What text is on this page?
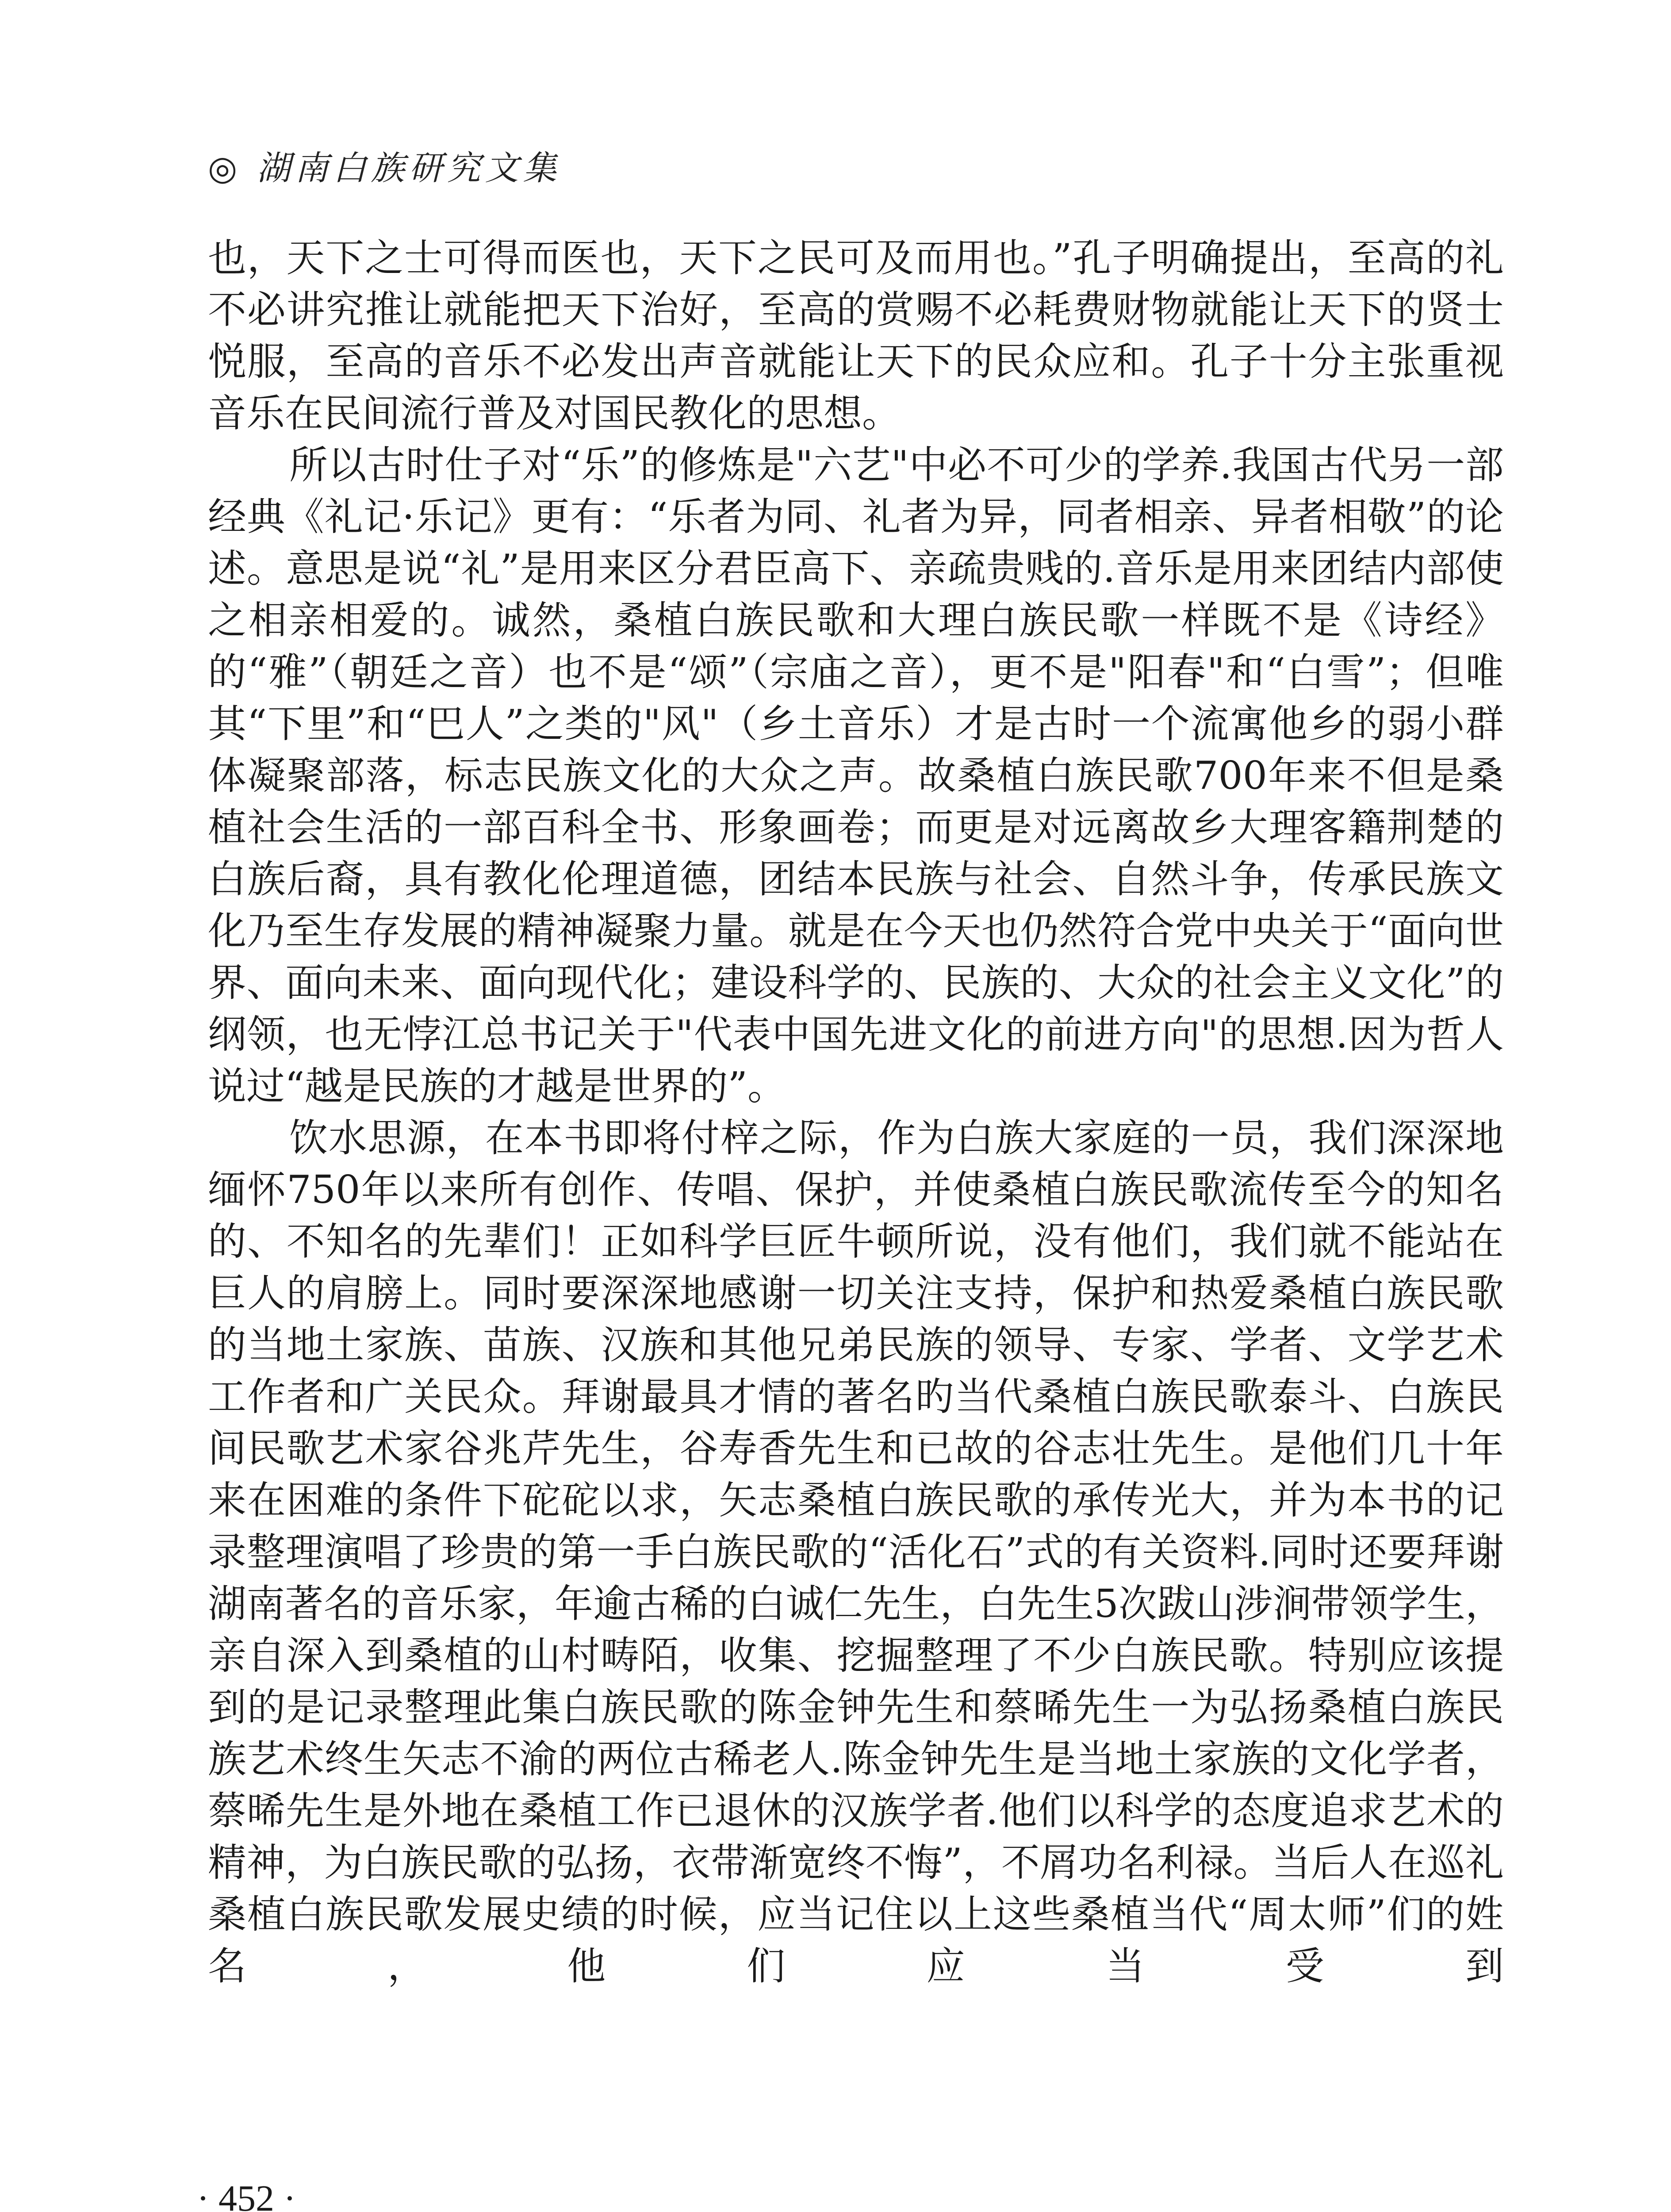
◎ 湖南白族研究文集

也，天下之士可得而医也，天下之民可及而用也。”孔子明确提出，至高的礼不必讲究推让就能把天下治好，至高的赏赐不必耗费财物就能让天下的贤士悦服，至高的音乐不必发出声音就能让天下的民众应和。孔子十分主张重视音乐在民间流行普及对国民教化的思想。

所以古时仕子对“乐”的修炼是"六艺"中必不可少的学养.我国古代另一部经典《礼记·乐记》更有：“乐者为同、礼者为异，同者相亲、异者相敬”的论述。意思是说“礼”是用来区分君臣高下、亲疏贵贱的.音乐是用来团结内部使之相亲相爱的。诚然，桑植白族民歌和大理白族民歌一样既不是《诗经》的“雅”（朝廷之音）也不是“颂”（宗庙之音），更不是"阳春"和“白雪”；但唯其“下里”和“巴人”之类的"风"（乡土音乐）才是古时一个流寓他乡的弱小群体凝聚部落，标志民族文化的大众之声。故桑植白族民歌700年来不但是桑植社会生活的一部百科全书、形象画卷；而更是对远离故乡大理客籍荆楚的白族后裔，具有教化伦理道德，团结本民族与社会、自然斗争，传承民族文化乃至生存发展的精神凝聚力量。就是在今天也仍然符合党中央关于“面向世界、面向未来、面向现代化；建设科学的、民族的、大众的社会主义文化”的纲领，也无悖江总书记关于"代表中国先进文化的前进方向"的思想.因为哲人说过“越是民族的才越是世界的”。

饮水思源，在本书即将付梓之际，作为白族大家庭的一员，我们深深地缅怀750年以来所有创作、传唱、保护，并使桑植白族民歌流传至今的知名的、不知名的先辈们！正如科学巨匠牛顿所说，没有他们，我们就不能站在巨人的肩膀上。同时要深深地感谢一切关注支持，保护和热爱桑植白族民歌的当地土家族、苗族、汉族和其他兄弟民族的领导、专家、学者、文学艺术工作者和广关民众。拜谢最具才情的著名旳当代桑植白族民歌泰斗、白族民间民歌艺术家谷兆芹先生，谷寿香先生和已故的谷志壮先生。是他们几十年来在困难的条件下砣砣以求，矢志桑植白族民歌的承传光大，并为本书的记录整理演唱了珍贵的第一手白族民歌的“活化石”式的有关资料.同时还要拜谢湖南著名的音乐家，年逾古稀的白诚仁先生，白先生5次跋山涉涧带领学生，亲自深入到桑植的山村畴陌，收集、挖掘整理了不少白族民歌。特别应该提到的是记录整理此集白族民歌的陈金钟先生和蔡晞先生一为弘扬桑植白族民族艺术终生矢志不渝的两位古稀老人.陈金钟先生是当地土家族的文化学者，蔡晞先生是外地在桑植工作已退休的汉族学者.他们以科学的态度追求艺术的精神，为白族民歌的弘扬，衣带渐宽终不悔”，不屑功名利禄。当后人在巡礼桑植白族民歌发展史绩的时候，应当记住以上这些桑植当代“周太师”们的姓名，他们应当受到

· 452 ·
